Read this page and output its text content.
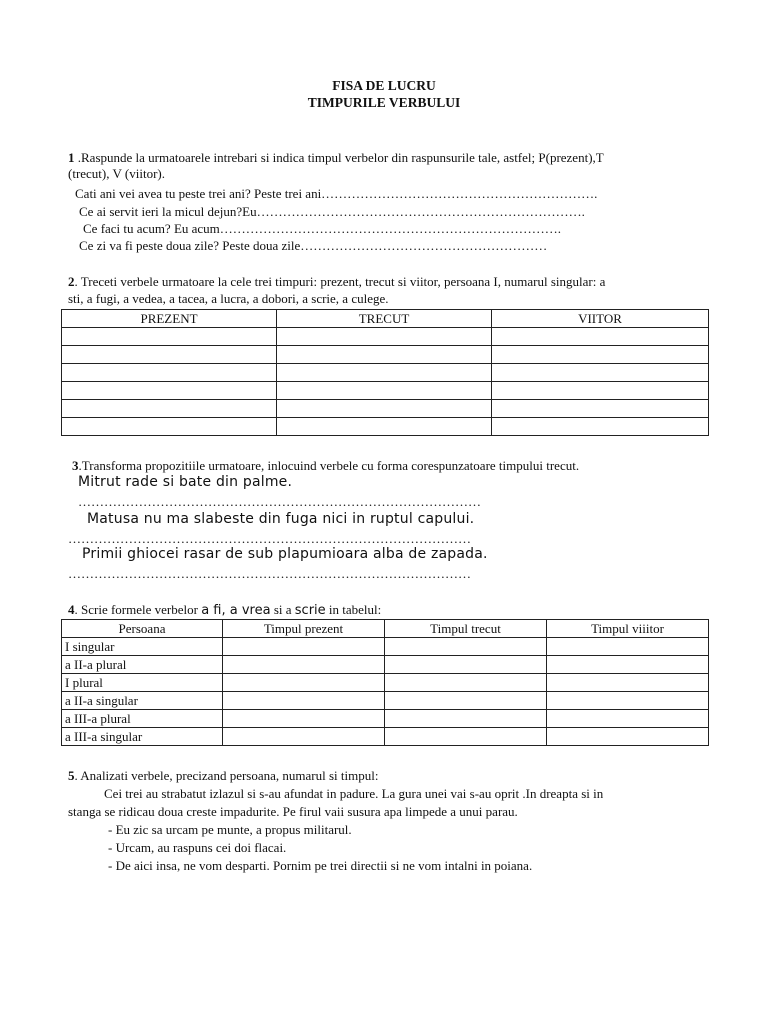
FISA DE LUCRU
TIMPURILE VERBULUI
1 .Raspunde la urmatoarele intrebari si indica timpul verbelor din raspunsurile tale, astfel; P(prezent),T
(trecut), V (viitor).
Cati ani vei avea tu peste trei ani? Peste trei ani……………………………………………………….
Ce ai servit ieri la micul dejun?Eu………………………………………………………………….
Ce faci tu acum? Eu acum…………………………………………………………………….
Ce zi va fi peste doua zile? Peste doua zile…………………………………………………
2. Treceti verbele urmatoare la cele trei timpuri: prezent, trecut si viitor, persoana I, numarul singular: a
sti, a fugi, a vedea, a tacea, a lucra, a dobori, a scrie, a culege.
PREZENT	TRECUT	VIITOR

3.Transforma propozitiile urmatoare, inlocuind verbele cu forma corespunzatoare timpului trecut.
Mitrut rade si bate din palme.
…………………………………………………………………………………
Matusa nu ma slabeste din fuga nici in ruptul capului.
…………………………………………………………………………………
Primii ghiocei rasar de sub plapumioara alba de zapada.
…………………………………………………………………………………
4. Scrie formele verbelor a fi, a vrea si a scrie in tabelul:
Persoana	Timpul prezent	Timpul trecut	Timpul viiitor
I singular			
a II-a plural			
I plural			
a II-a singular			
a III-a plural			
a III-a singular			
5. Analizati verbele, precizand persoana, numarul si timpul:
Cei trei au strabatut izlazul si s-au afundat in padure. La gura unei vai s-au oprit .In dreapta si in
stanga se ridicau doua creste impadurite. Pe firul vaii susura apa limpede a unui parau.
- Eu zic sa urcam pe munte, a propus militarul.
- Urcam, au raspuns cei doi flacai.
- De aici insa, ne vom desparti. Pornim pe trei directii si ne vom intalni in poiana.
